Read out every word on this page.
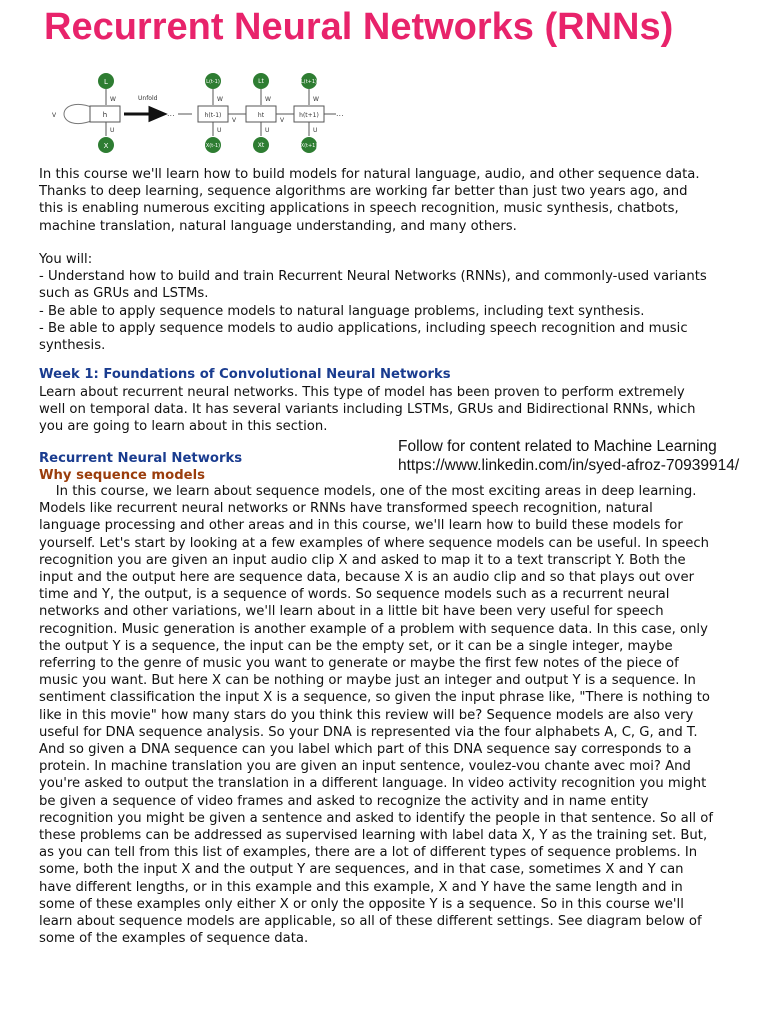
Recurrent Neural Networks (RNNs)
V
L
W
h
U
X
Unfold
...
L(t-1)
W
h(t-1)
U
X(t-1)
V
Lt
W
ht
U
Xt
V
L(t+1)
W
h(t+1)
U
X(t+1)
...
In this course we'll learn how to build models for natural language, audio, and other sequence data.
Thanks to deep learning, sequence algorithms are working far better than just two years ago, and
this is enabling numerous exciting applications in speech recognition, music synthesis, chatbots,
machine translation, natural language understanding, and many others.
You will:
- Understand how to build and train Recurrent Neural Networks (RNNs), and commonly-used variants
such as GRUs and LSTMs.
- Be able to apply sequence models to natural language problems, including text synthesis.
- Be able to apply sequence models to audio applications, including speech recognition and music
synthesis.
Week 1: Foundations of Convolutional Neural Networks
Learn about recurrent neural networks. This type of model has been proven to perform extremely
well on temporal data. It has several variants including LSTMs, GRUs and Bidirectional RNNs, which
you are going to learn about in this section.
Follow for content related to Machine Learning
https://www.linkedin.com/in/syed-afroz-70939914/
Recurrent Neural Networks
Why sequence models
In this course, we learn about sequence models, one of the most exciting areas in deep learning.
Models like recurrent neural networks or RNNs have transformed speech recognition, natural
language processing and other areas and in this course, we'll learn how to build these models for
yourself. Let's start by looking at a few examples of where sequence models can be useful. In speech
recognition you are given an input audio clip X and asked to map it to a text transcript Y. Both the
input and the output here are sequence data, because X is an audio clip and so that plays out over
time and Y, the output, is a sequence of words. So sequence models such as a recurrent neural
networks and other variations, we'll learn about in a little bit have been very useful for speech
recognition. Music generation is another example of a problem with sequence data. In this case, only
the output Y is a sequence, the input can be the empty set, or it can be a single integer, maybe
referring to the genre of music you want to generate or maybe the first few notes of the piece of
music you want. But here X can be nothing or maybe just an integer and output Y is a sequence. In
sentiment classification the input X is a sequence, so given the input phrase like, "There is nothing to
like in this movie" how many stars do you think this review will be? Sequence models are also very
useful for DNA sequence analysis. So your DNA is represented via the four alphabets A, C, G, and T.
And so given a DNA sequence can you label which part of this DNA sequence say corresponds to a
protein. In machine translation you are given an input sentence, voulez-vou chante avec moi? And
you're asked to output the translation in a different language. In video activity recognition you might
be given a sequence of video frames and asked to recognize the activity and in name entity
recognition you might be given a sentence and asked to identify the people in that sentence. So all of
these problems can be addressed as supervised learning with label data X, Y as the training set. But,
as you can tell from this list of examples, there are a lot of different types of sequence problems. In
some, both the input X and the output Y are sequences, and in that case, sometimes X and Y can
have different lengths, or in this example and this example, X and Y have the same length and in
some of these examples only either X or only the opposite Y is a sequence. So in this course we'll
learn about sequence models are applicable, so all of these different settings. See diagram below of
some of the examples of sequence data.
